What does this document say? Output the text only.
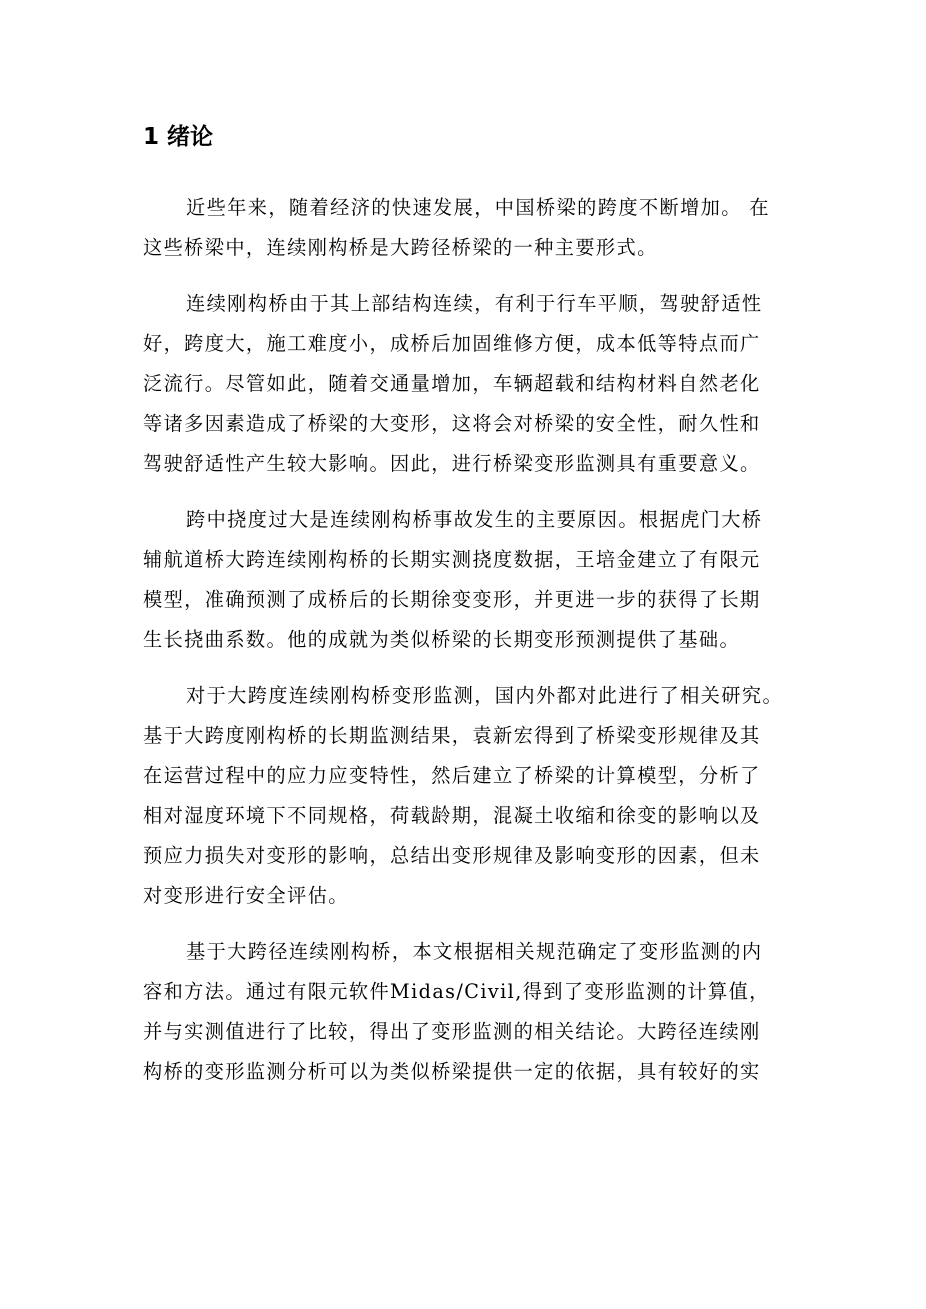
1 绪论

近些年来，随着经济的快速发展，中国桥梁的跨度不断增加。 在
这些桥梁中，连续刚构桥是大跨径桥梁的一种主要形式。

连续刚构桥由于其上部结构连续，有利于行车平顺，驾驶舒适性
好，跨度大，施工难度小，成桥后加固维修方便，成本低等特点而广
泛流行。尽管如此，随着交通量增加，车辆超载和结构材料自然老化
等诸多因素造成了桥梁的大变形，这将会对桥梁的安全性，耐久性和
驾驶舒适性产生较大影响。因此，进行桥梁变形监测具有重要意义。

跨中挠度过大是连续刚构桥事故发生的主要原因。根据虎门大桥
辅航道桥大跨连续刚构桥的长期实测挠度数据，王培金建立了有限元
模型，准确预测了成桥后的长期徐变变形，并更进一步的获得了长期
生长挠曲系数。他的成就为类似桥梁的长期变形预测提供了基础。

对于大跨度连续刚构桥变形监测，国内外都对此进行了相关研究。
基于大跨度刚构桥的长期监测结果，袁新宏得到了桥梁变形规律及其
在运营过程中的应力应变特性，然后建立了桥梁的计算模型，分析了
相对湿度环境下不同规格，荷载龄期，混凝土收缩和徐变的影响以及
预应力损失对变形的影响，总结出变形规律及影响变形的因素，但未
对变形进行安全评估。

基于大跨径连续刚构桥，本文根据相关规范确定了变形监测的内
容和方法。通过有限元软件Midas/Civil,得到了变形监测的计算值，
并与实测值进行了比较，得出了变形监测的相关结论。大跨径连续刚
构桥的变形监测分析可以为类似桥梁提供一定的依据，具有较好的实
